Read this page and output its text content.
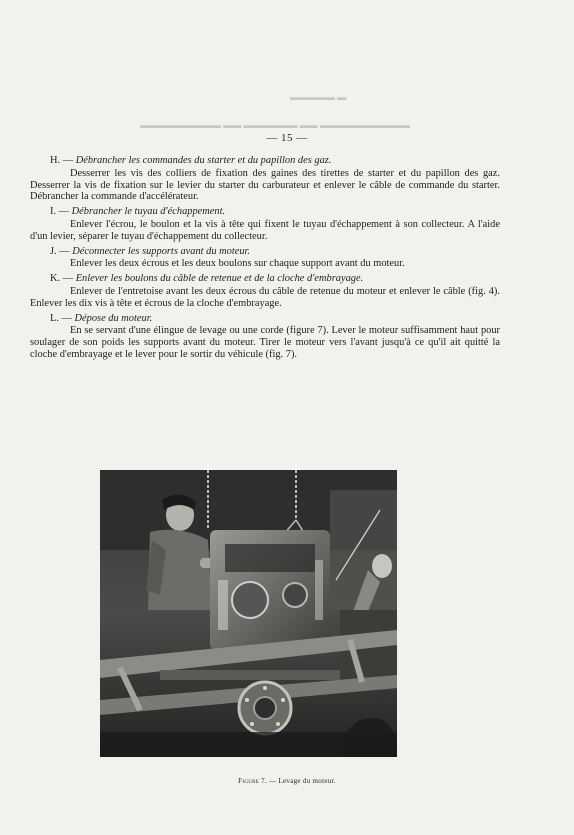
▬▬▬▬▬ ▬
▬▬▬▬▬▬▬▬▬ ▬▬ ▬▬▬▬▬▬ ▬▬ ▬▬▬▬▬▬▬▬▬▬
— 15 —
H. — Débrancher les commandes du starter et du papillon des gaz.

Desserrer les vis des colliers de fixation des gaines des tirettes de starter et du papillon des gaz. Desserrer la vis de fixation sur le levier du starter du carburateur et enlever le câble de commande du starter. Débrancher la commande d'accélérateur.

I. — Débrancher le tuyau d'échappement.

Enlever l'écrou, le boulon et la vis à tête qui fixent le tuyau d'échappement à son collecteur. A l'aide d'un levier, séparer le tuyau d'échappement du collecteur.

J. — Déconnecter les supports avant du moteur.

Enlever les deux écrous et les deux boulons sur chaque support avant du moteur.

K. — Enlever les boulons du câble de retenue et de la cloche d'embrayage.

Enlever de l'entretoise avant les deux écrous du câble de retenue du moteur et enlever le câble (fig. 4). Enlever les dix vis à tête et écrous de la cloche d'embrayage.

L. — Dépose du moteur.

En se servant d'une élingue de levage ou une corde (figure 7). Lever le moteur suffisamment haut pour soulager de son poids les supports avant du moteur. Tirer le moteur vers l'avant jusqu'à ce qu'il ait quitté la cloche d'embrayage et le lever pour le sortir du véhicule (fig. 7).

Figure 7. — Levage du moteur.
